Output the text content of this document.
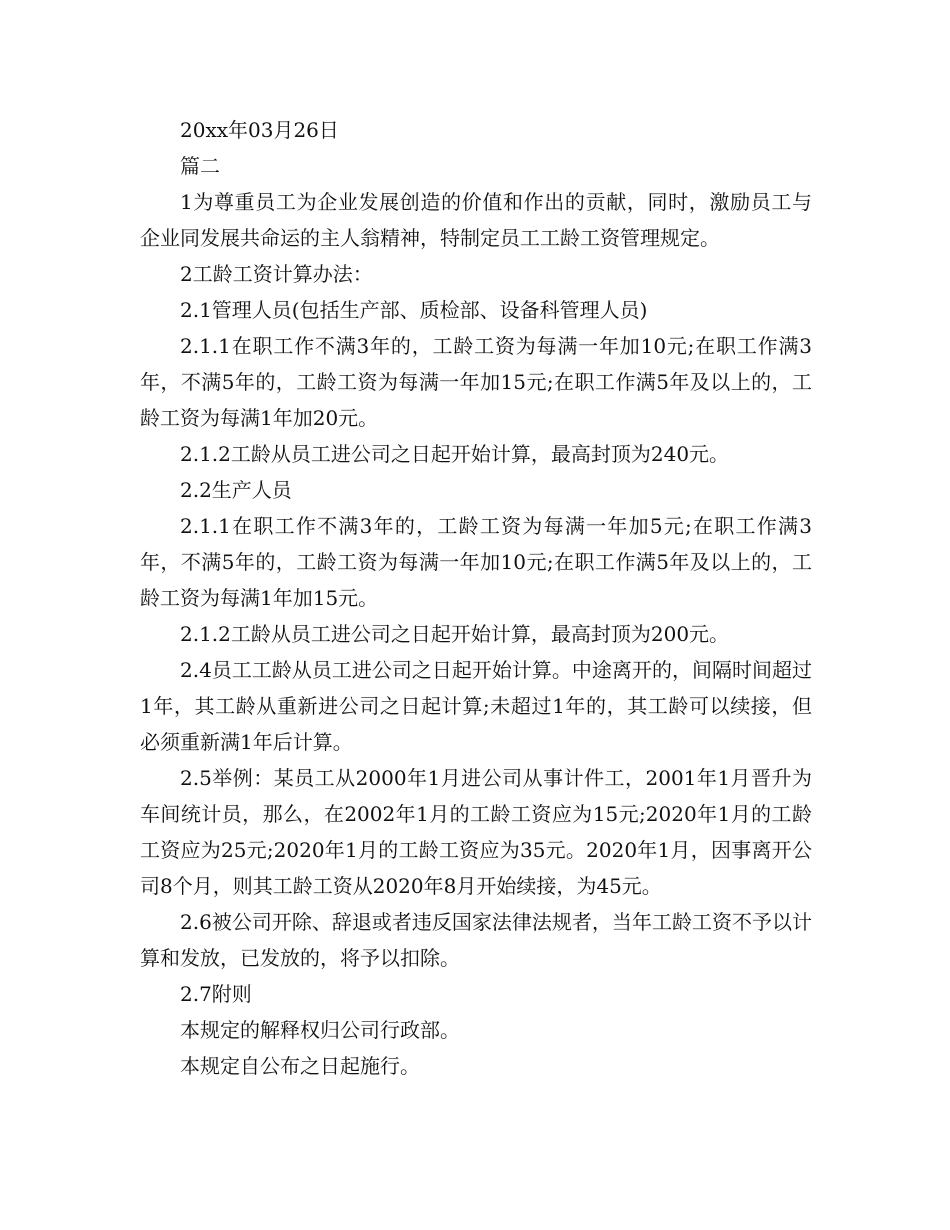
20xx年03月26日

篇二

1为尊重员工为企业发展创造的价值和作出的贡献，同时，激励员工与企业同发展共命运的主人翁精神，特制定员工工龄工资管理规定。

2工龄工资计算办法：

2.1管理人员(包括生产部、质检部、设备科管理人员)

2.1.1在职工作不满3年的，工龄工资为每满一年加10元;在职工作满3年，不满5年的，工龄工资为每满一年加15元;在职工作满5年及以上的，工龄工资为每满1年加20元。

2.1.2工龄从员工进公司之日起开始计算，最高封顶为240元。

2.2生产人员

2.1.1在职工作不满3年的，工龄工资为每满一年加5元;在职工作满3年，不满5年的，工龄工资为每满一年加10元;在职工作满5年及以上的，工龄工资为每满1年加15元。

2.1.2工龄从员工进公司之日起开始计算，最高封顶为200元。

2.4员工工龄从员工进公司之日起开始计算。中途离开的，间隔时间超过1年，其工龄从重新进公司之日起计算;未超过1年的，其工龄可以续接，但必须重新满1年后计算。

2.5举例：某员工从2000年1月进公司从事计件工，2001年1月晋升为车间统计员，那么，在2002年1月的工龄工资应为15元;2020年1月的工龄工资应为25元;2020年1月的工龄工资应为35元。2020年1月，因事离开公司8个月，则其工龄工资从2020年8月开始续接，为45元。

2.6被公司开除、辞退或者违反国家法律法规者，当年工龄工资不予以计算和发放，已发放的，将予以扣除。

2.7附则

本规定的解释权归公司行政部。

本规定自公布之日起施行。
